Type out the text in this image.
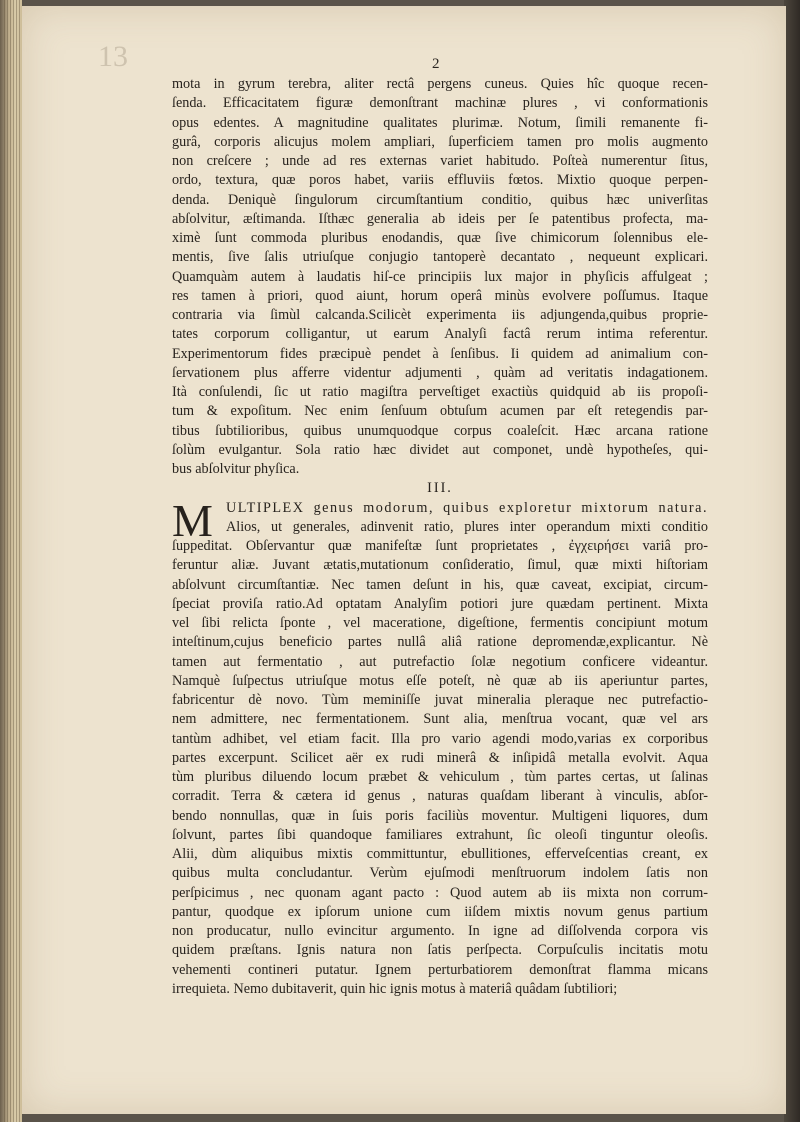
13	2
mota in gyrum terebra, aliter rectâ pergens cuneus. Quies hîc quoque recen-
ſenda. Efficacitatem figuræ demonſtrant machinæ plures , vi conformationis
opus edentes. A magnitudine qualitates plurimæ. Notum, ſimili remanente fi-
gurâ, corporis alicujus molem ampliari, ſuperficiem tamen pro molis augmento
non creſcere ; unde ad res externas variet habitudo. Poſteà numerentur ſitus,
ordo, textura, quæ poros habet, variis effluviis fœtos. Mixtio quoque perpen-
denda. Deniquè ſingulorum circumſtantium conditio, quibus hæc univerſitas
abſolvitur, æſtimanda. Iſthæc generalia ab ideis per ſe patentibus profecta, ma-
ximè ſunt commoda pluribus enodandis, quæ ſive chimicorum ſolennibus ele-
mentis, ſive ſalis utriuſque conjugio tantoperè decantato , nequeunt explicari.
Quamquàm autem à laudatis hiſ-ce principiis lux major in phyſicis affulgeat ;
res tamen à priori, quod aiunt, horum operâ minùs evolvere poſſumus. Itaque
contraria via ſimùl calcanda.Scilicèt experimenta iis adjungenda,quibus proprie-
tates corporum colligantur, ut earum Analyſi factâ rerum intima referentur.
Experimentorum fides præcipuè pendet à ſenſibus. Ii quidem ad animalium con-
ſervationem plus afferre videntur adjumenti , quàm ad veritatis indagationem.
Ità conſulendi, ſic ut ratio magiſtra perveſtiget exactiùs quidquid ab iis propoſi-
tum & expoſitum. Nec enim ſenſuum obtuſum acumen par eſt retegendis par-
tibus ſubtilioribus, quibus unumquodque corpus coaleſcit. Hæc arcana ratione
ſolùm evulgantur. Sola ratio hæc dividet aut componet, undè hypotheſes, qui-
bus abſolvitur phyſica.
III.
M ULTIPLEX genus modorum, quibus exploretur mixtorum natura.
Alios, ut generales, adinvenit ratio, plures inter operandum mixti conditio
ſuppeditat. Obſervantur quæ manifeſtæ ſunt proprietates , ἐγχειρήσει variâ pro-
feruntur aliæ. Juvant ætatis,mutationum conſideratio, ſimul, quæ mixti hiſtoriam
abſolvunt circumſtantiæ. Nec tamen deſunt in his, quæ caveat, excipiat, circum-
ſpeciat proviſa ratio.Ad optatam Analyſim potiori jure quædam pertinent. Mixta
vel ſibi relicta ſponte , vel maceratione, digeſtione, fermentis concipiunt motum
inteſtinum,cujus beneficio partes nullâ aliâ ratione depromendæ,explicantur. Nè
tamen aut fermentatio , aut putrefactio ſolæ negotium conficere videantur.
Namquè ſuſpectus utriuſque motus eſſe poteſt, nè quæ ab iis aperiuntur partes,
fabricentur dè novo. Tùm meminiſſe juvat mineralia pleraque nec putrefactio-
nem admittere, nec fermentationem. Sunt alia, menſtrua vocant, quæ vel ars
tantùm adhibet, vel etiam facit. Illa pro vario agendi modo,varias ex corporibus
partes excerpunt. Scilicet aër ex rudi minerâ & inſipidâ metalla evolvit. Aqua
tùm pluribus diluendo locum præbet & vehiculum , tùm partes certas, ut ſalinas
corradit. Terra & cætera id genus , naturas quaſdam liberant à vinculis, abſor-
bendo nonnullas, quæ in ſuis poris faciliùs moventur. Multigeni liquores, dum
ſolvunt, partes ſibi quandoque familiares extrahunt, ſic oleoſi tinguntur oleoſis.
Alii, dùm aliquibus mixtis committuntur, ebullitiones, efferveſcentias creant, ex
quibus multa concludantur. Verùm ejuſmodi menſtruorum indolem ſatis non
perſpicimus , nec quonam agant pacto : Quod autem ab iis mixta non corrum-
pantur, quodque ex ipſorum unione cum iiſdem mixtis novum genus partium
non producatur, nullo evincitur argumento. In igne ad diſſolvenda corpora vis
quidem præſtans. Ignis natura non ſatis perſpecta. Corpuſculis incitatis motu
vehementi contineri putatur. Ignem perturbatiorem demonſtrat flamma micans
irrequieta. Nemo dubitaverit, quin hic ignis motus à materiâ quâdam ſubtiliori;
